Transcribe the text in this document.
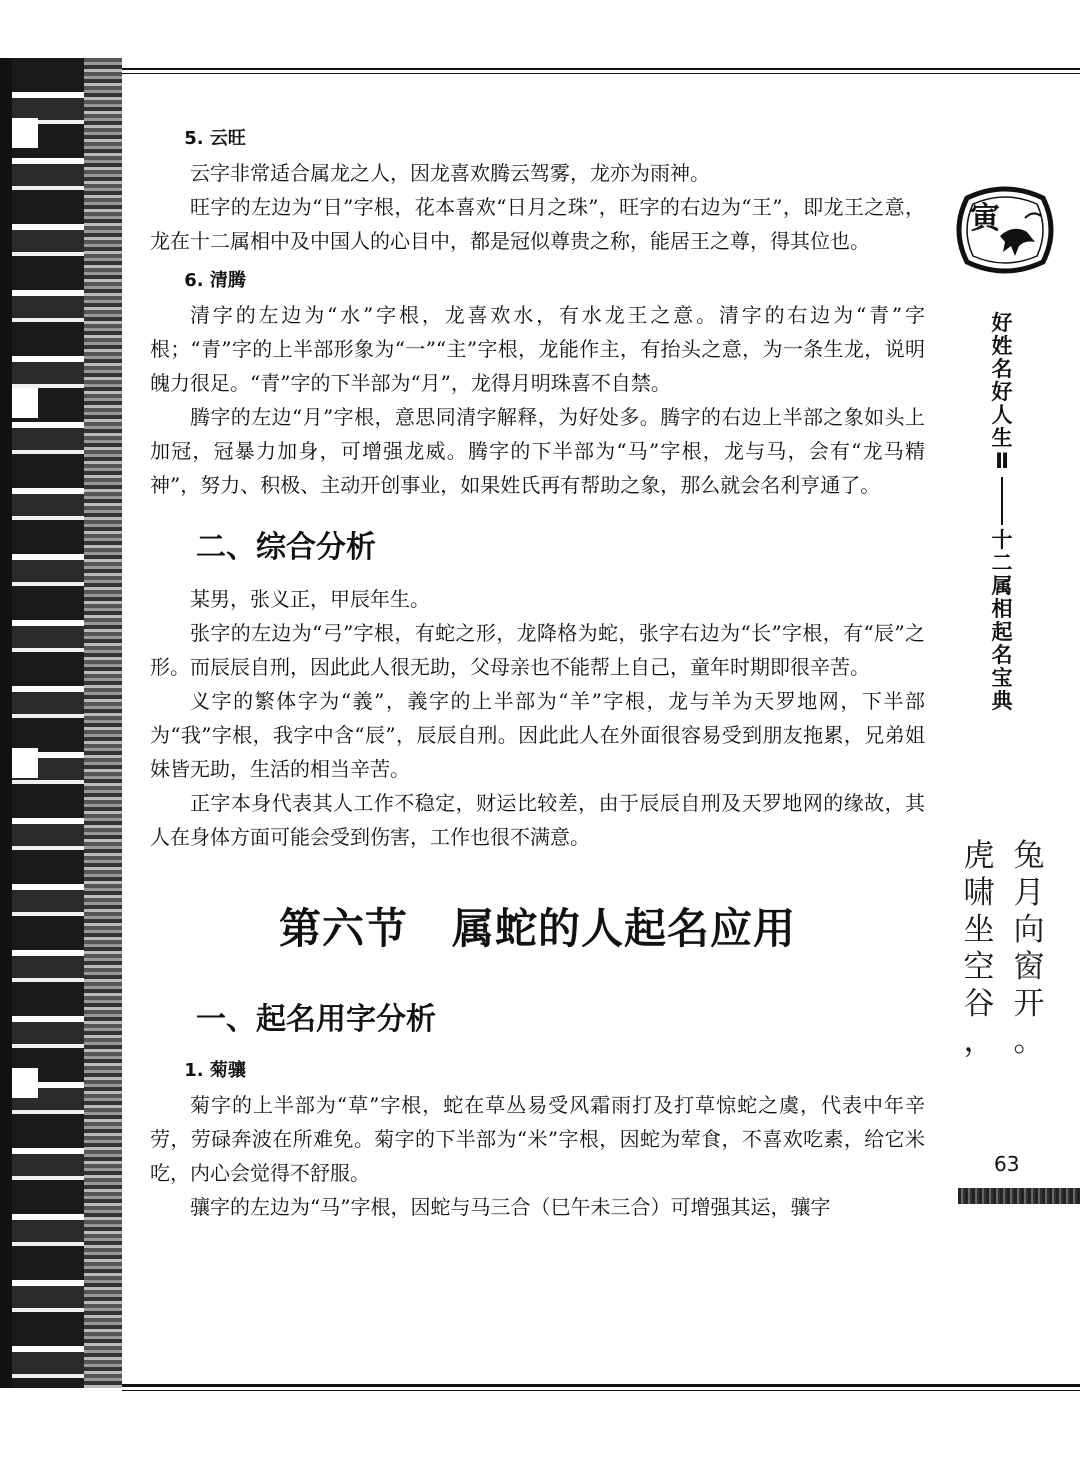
5. 云旺

云字非常适合属龙之人，因龙喜欢腾云驾雾，龙亦为雨神。

旺字的左边为“日”字根，花本喜欢“日月之珠”，旺字的右边为“王”，即龙王之意，龙在十二属相中及中国人的心目中，都是冠似尊贵之称，能居王之尊，得其位也。

6. 清腾

清字的左边为“水”字根，龙喜欢水，有水龙王之意。清字的右边为“青”字根；“青”字的上半部形象为“一”“主”字根，龙能作主，有抬头之意，为一条生龙，说明魄力很足。“青”字的下半部为“月”，龙得月明珠喜不自禁。

腾字的左边“月”字根，意思同清字解释，为好处多。腾字的右边上半部之象如头上加冠，冠暴力加身，可增强龙威。腾字的下半部为“马”字根，龙与马，会有“龙马精神”，努力、积极、主动开创事业，如果姓氏再有帮助之象，那么就会名利亨通了。

二、综合分析

某男，张义正，甲辰年生。

张字的左边为“弓”字根，有蛇之形，龙降格为蛇，张字右边为“长”字根，有“辰”之形。而辰辰自刑，因此此人很无助，父母亲也不能帮上自己，童年时期即很辛苦。

义字的繁体字为“義”，義字的上半部为“羊”字根，龙与羊为天罗地网，下半部为“我”字根，我字中含“辰”，辰辰自刑。因此此人在外面很容易受到朋友拖累，兄弟姐妹皆无助，生活的相当辛苦。

正字本身代表其人工作不稳定，财运比较差，由于辰辰自刑及天罗地网的缘故，其人在身体方面可能会受到伤害，工作也很不满意。

第六节 属蛇的人起名应用
一、起名用字分析
1. 菊骧

菊字的上半部为“草”字根，蛇在草丛易受风霜雨打及打草惊蛇之虞，代表中年辛劳，劳碌奔波在所难免。菊字的下半部为“米”字根，因蛇为荤食，不喜欢吃素，给它米吃，内心会觉得不舒服。

骧字的左边为“马”字根，因蛇与马三合（巳午未三合）可增强其运，骧字

寅
好
姓
名
好
人
生
Ⅱ
十
二
属
相
起
名
宝
典
兔
月
向
窗
开
。
虎
啸
坐
空
谷
，
63
